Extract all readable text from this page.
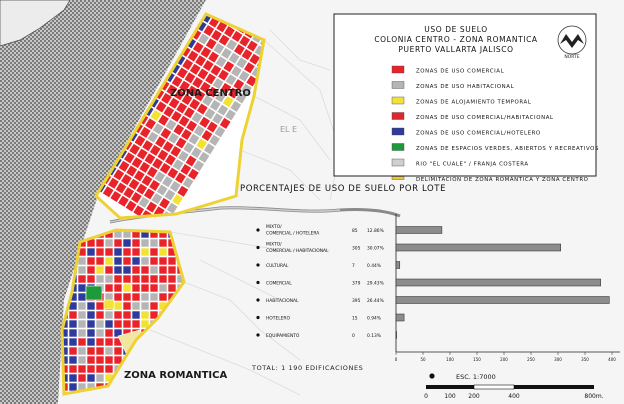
EL E
ZONA CENTRO
ZONA ROMANTICA
TOTAL: 1 190 EDIFICACIONES
USO DE SUELO
COLONIA CENTRO - ZONA ROMANTICA
PUERTO VALLARTA JALISCO
NORTE
ZONAS DE USO COMERCIAL
ZONAS DE USO HABITACIONAL
ZONAS DE ALOJAMIENTO TEMPORAL
ZONAS DE USO COMERCIAL/HABITACIONAL
ZONAS DE USO COMERCIAL/HOTELERO
ZONAS DE ESPACIOS VERDES, ABIERTOS Y RECREATIVOS
RIO "EL CUALE" / FRANJA COSTERA
DELIMITACIÓN DE ZONA ROMANTICA Y ZONA CENTRO
PORCENTAJES DE USO DE SUELO POR LOTE
MIXTO/
COMERCIAL / HOTELERA	85 12.86%
MIXTO/
COMERCIAL / HABITACIONAL	305 30.07%
CULTURAL	7	0.44%
COMERCIAL	379 29.43%
HABITACIONAL	395 26.44%
HOTELERO	15 0.94%
EQUIPAMIENTO	0	0.13%
0	50	100	150	200	250	300	350	400
ESC. 1:7000
0	100 200	400	800m.
